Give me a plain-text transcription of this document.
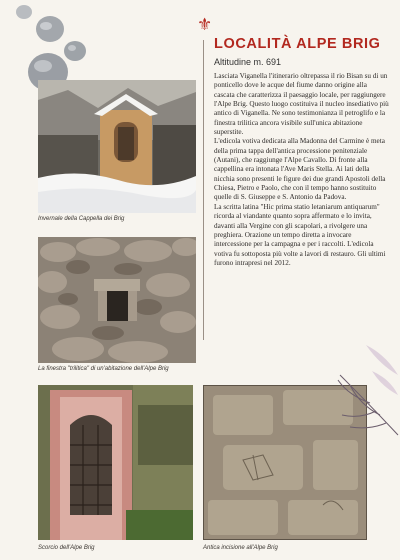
⚜
LOCALITÀ ALPE BRIG
Altitudine m. 691

Lasciata Viganella l'itinerario oltrepassa il rio Bisan su di un ponticello dove le acque del fiume danno origine alla cascata che caratterizza il paesaggio locale, per raggiungere l'Alpe Brig. Questo luogo costituiva il nucleo insediativo più antico di Viganella. Ne sono testimonianza il petroglifo e la finestra trilitica ancora visibile sull'unica abitazione superstite.

L'edicola votiva dedicata alla Madonna del Carmine è meta della prima tappa dell'antica processione penitenziale (Autani), che raggiunge l'Alpe Cavallo. Di fronte alla cappellina era intonata l'Ave Maris Stella. Ai lati della nicchia sono presenti le figure dei due grandi Apostoli della Chiesa, Pietro e Paolo, che con il tempo hanno sostituito quelle di S. Giuseppe e S. Antonio da Padova.

La scritta latina "Hic prima statio letaniarum antiquarum" ricorda al viandante quanto sopra affermato e lo invita, davanti alla Vergine con gli scapolari, a rivolgere una preghiera. Orazione un tempo diretta a invocare intercessione per la campagna e per i raccolti. L'edicola votiva fu sottoposta più volte a lavori di restauro. Gli ultimi furono intrapresi nel 2012.

Invernale della Cappella dei Brig
La finestra "trilitica" di un'abitazione dell'Alpe Brig
Scorcio dell'Alpe Brig	Antica incisione all'Alpe Brig
